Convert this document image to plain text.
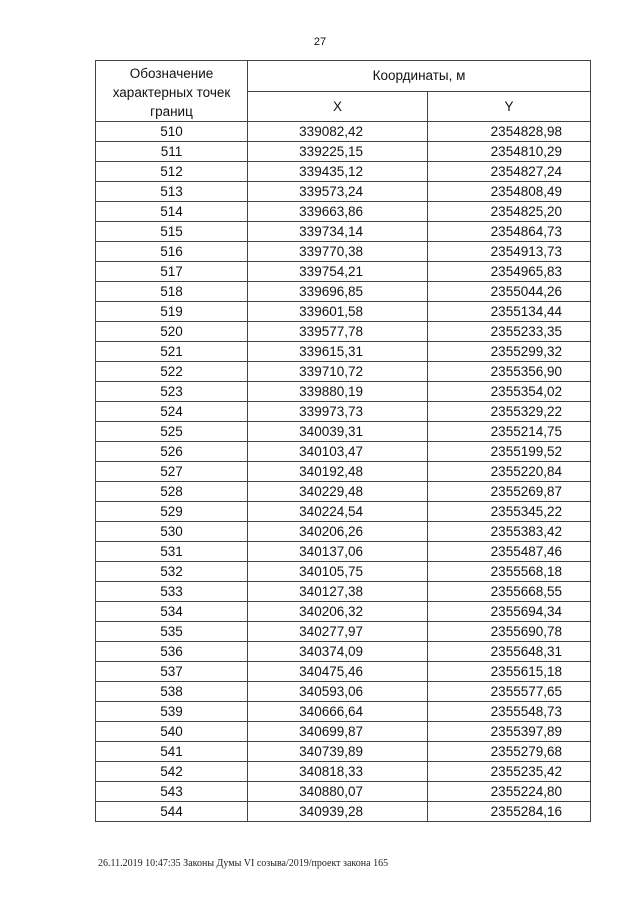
27
Обозначение характерных точек границ	Координаты, м	
	X	Y
510	339082,42	2354828,98
511	339225,15	2354810,29
512	339435,12	2354827,24
513	339573,24	2354808,49
514	339663,86	2354825,20
515	339734,14	2354864,73
516	339770,38	2354913,73
517	339754,21	2354965,83
518	339696,85	2355044,26
519	339601,58	2355134,44
520	339577,78	2355233,35
521	339615,31	2355299,32
522	339710,72	2355356,90
523	339880,19	2355354,02
524	339973,73	2355329,22
525	340039,31	2355214,75
526	340103,47	2355199,52
527	340192,48	2355220,84
528	340229,48	2355269,87
529	340224,54	2355345,22
530	340206,26	2355383,42
531	340137,06	2355487,46
532	340105,75	2355568,18
533	340127,38	2355668,55
534	340206,32	2355694,34
535	340277,97	2355690,78
536	340374,09	2355648,31
537	340475,46	2355615,18
538	340593,06	2355577,65
539	340666,64	2355548,73
540	340699,87	2355397,89
541	340739,89	2355279,68
542	340818,33	2355235,42
543	340880,07	2355224,80
544	340939,28	2355284,16
26.11.2019 10:47:35 Законы Думы VI созыва/2019/проект закона 165
